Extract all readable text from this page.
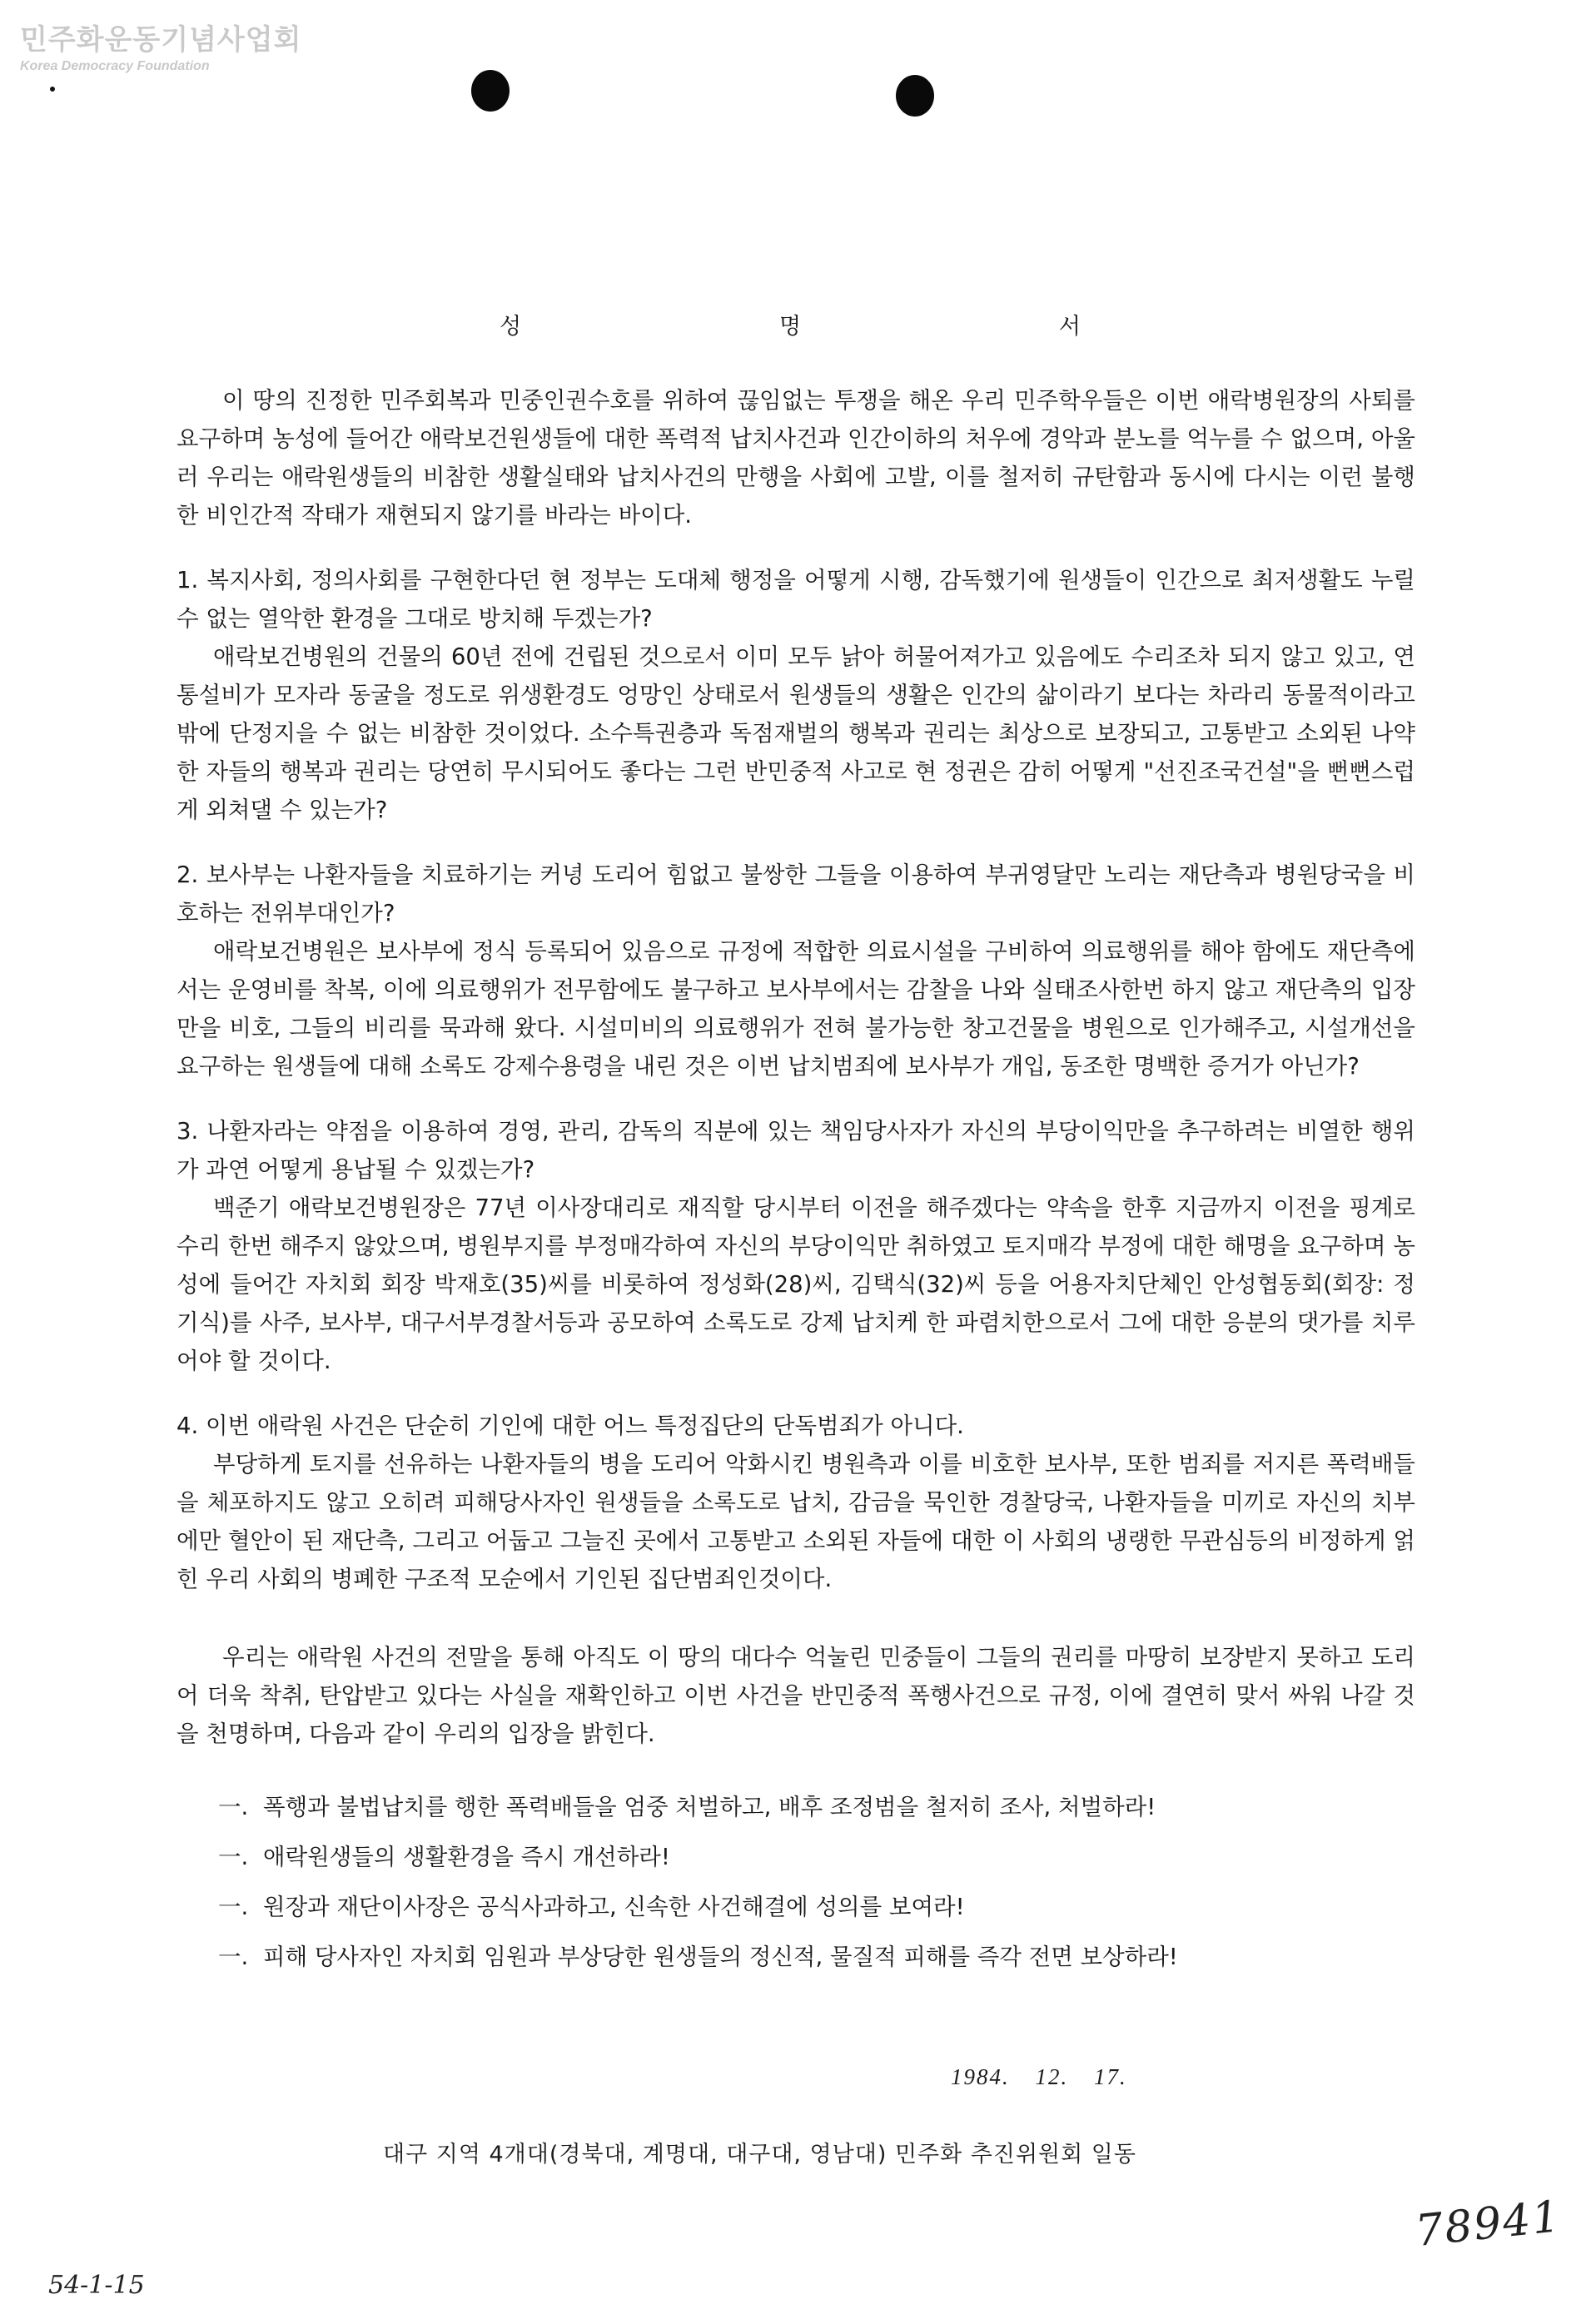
민주화운동기념사업회
Korea Democracy Foundation
성	명	서

이 땅의 진정한 민주회복과 민중인권수호를 위하여 끊임없는 투쟁을 해온 우리 민주학우들은 이번 애락병원장의 사퇴를 요구하며 농성에 들어간 애락보건원생들에 대한 폭력적 납치사건과 인간이하의 처우에 경악과 분노를 억누를 수 없으며, 아울러 우리는 애락원생들의 비참한 생활실태와 납치사건의 만행을 사회에 고발, 이를 철저히 규탄함과 동시에 다시는 이런 불행한 비인간적 작태가 재현되지 않기를 바라는 바이다.

1. 복지사회, 정의사회를 구현한다던 현 정부는 도대체 행정을 어떻게 시행, 감독했기에 원생들이 인간으로 최저생활도 누릴 수 없는 열악한 환경을 그대로 방치해 두겠는가?

애락보건병원의 건물의 60년 전에 건립된 것으로서 이미 모두 낡아 허물어져가고 있음에도 수리조차 되지 않고 있고, 연통설비가 모자라 동굴을 정도로 위생환경도 엉망인 상태로서 원생들의 생활은 인간의 삶이라기 보다는 차라리 동물적이라고 밖에 단정지을 수 없는 비참한 것이었다. 소수특권층과 독점재벌의 행복과 권리는 최상으로 보장되고, 고통받고 소외된 나약한 자들의 행복과 권리는 당연히 무시되어도 좋다는 그런 반민중적 사고로 현 정권은 감히 어떻게 "선진조국건설"을 뻔뻔스럽게 외쳐댈 수 있는가?

2. 보사부는 나환자들을 치료하기는 커녕 도리어 힘없고 불쌍한 그들을 이용하여 부귀영달만 노리는 재단측과 병원당국을 비호하는 전위부대인가?

애락보건병원은 보사부에 정식 등록되어 있음으로 규정에 적합한 의료시설을 구비하여 의료행위를 해야 함에도 재단측에서는 운영비를 착복, 이에 의료행위가 전무함에도 불구하고 보사부에서는 감찰을 나와 실태조사한번 하지 않고 재단측의 입장만을 비호, 그들의 비리를 묵과해 왔다. 시설미비의 의료행위가 전혀 불가능한 창고건물을 병원으로 인가해주고, 시설개선을 요구하는 원생들에 대해 소록도 강제수용령을 내린 것은 이번 납치범죄에 보사부가 개입, 동조한 명백한 증거가 아닌가?

3. 나환자라는 약점을 이용하여 경영, 관리, 감독의 직분에 있는 책임당사자가 자신의 부당이익만을 추구하려는 비열한 행위가 과연 어떻게 용납될 수 있겠는가?

백준기 애락보건병원장은 77년 이사장대리로 재직할 당시부터 이전을 해주겠다는 약속을 한후 지금까지 이전을 핑계로 수리 한번 해주지 않았으며, 병원부지를 부정매각하여 자신의 부당이익만 취하였고 토지매각 부정에 대한 해명을 요구하며 농성에 들어간 자치회 회장 박재호(35)씨를 비롯하여 정성화(28)씨, 김택식(32)씨 등을 어용자치단체인 안성협동회(회장: 정기식)를 사주, 보사부, 대구서부경찰서등과 공모하여 소록도로 강제 납치케 한 파렴치한으로서 그에 대한 응분의 댓가를 치루어야 할 것이다.

4. 이번 애락원 사건은 단순히 기인에 대한 어느 특정집단의 단독범죄가 아니다.

부당하게 토지를 선유하는 나환자들의 병을 도리어 악화시킨 병원측과 이를 비호한 보사부, 또한 범죄를 저지른 폭력배들을 체포하지도 않고 오히려 피해당사자인 원생들을 소록도로 납치, 감금을 묵인한 경찰당국, 나환자들을 미끼로 자신의 치부에만 혈안이 된 재단측, 그리고 어둡고 그늘진 곳에서 고통받고 소외된 자들에 대한 이 사회의 냉랭한 무관심등의 비정하게 얽힌 우리 사회의 병폐한 구조적 모순에서 기인된 집단범죄인것이다.

우리는 애락원 사건의 전말을 통해 아직도 이 땅의 대다수 억눌린 민중들이 그들의 권리를 마땅히 보장받지 못하고 도리어 더욱 착취, 탄압받고 있다는 사실을 재확인하고 이번 사건을 반민중적 폭행사건으로 규정, 이에 결연히 맞서 싸워 나갈 것을 천명하며, 다음과 같이 우리의 입장을 밝힌다.

一. 폭행과 불법납치를 행한 폭력배들을 엄중 처벌하고, 배후 조정범을 철저히 조사, 처벌하라!
一. 애락원생들의 생활환경을 즉시 개선하라!
一. 원장과 재단이사장은 공식사과하고, 신속한 사건해결에 성의를 보여라!
一. 피해 당사자인 자치회 임원과 부상당한 원생들의 정신적, 물질적 피해를 즉각 전면 보상하라!
1984. 12. 17.
대구 지역 4개대(경북대, 계명대, 대구대, 영남대) 민주화 추진위원회 일동
78941
54-1-15
